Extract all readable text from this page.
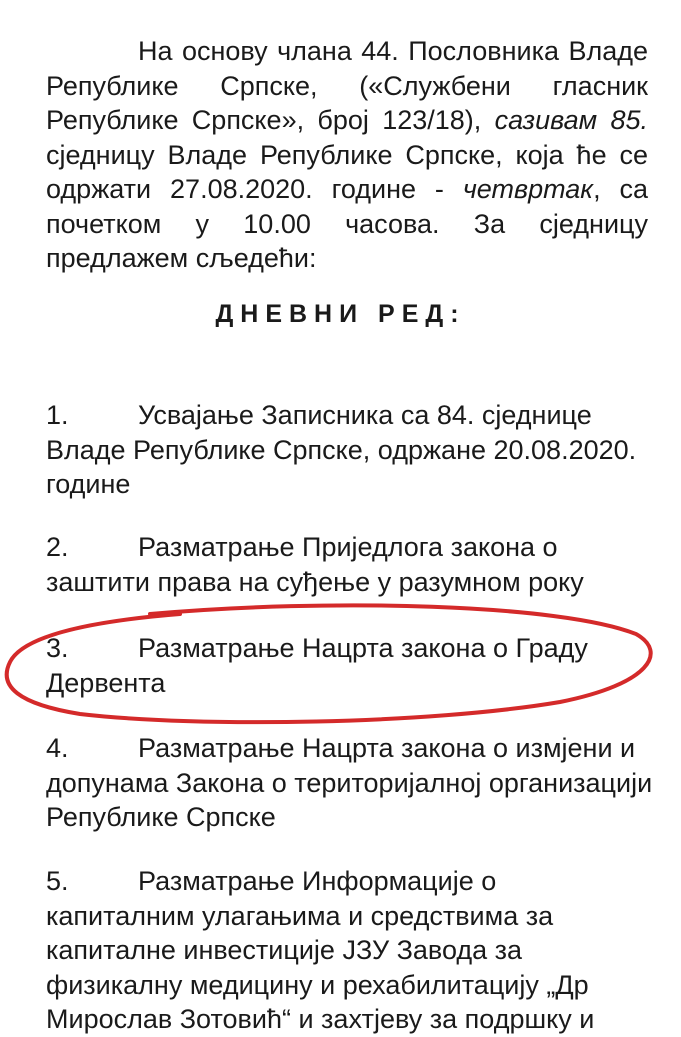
На основу члана 44. Пословника Владе Републике Српске, («Службени гласник Републике Српске», број 123/18), сазивам 85. сједницу Владе Републике Српске, која ће се одржати 27.08.2020. године - четвртак, са почетком у 10.00 часова. За сједницу предлажем сљедећи:

ДНЕВНИ РЕД:

1.	Усвајање Записника са 84. сједнице Владе Републике Српске, одржане 20.08.2020. године

2.	Разматрање Приједлога закона о заштити права на суђење у разумном року

3.	Разматрање Нацрта закона о Граду Дервента

4.	Разматрање Нацрта закона о измјени и допунама Закона о територијалној организацији Републике Српске

5.	Разматрање Информације о капиталним улагањима и средствима за капиталне инвестиције ЈЗУ Завода за физикалну медицину и рехабилитацију „Др Мирослав Зотовић“ и захтјеву за подршку и
